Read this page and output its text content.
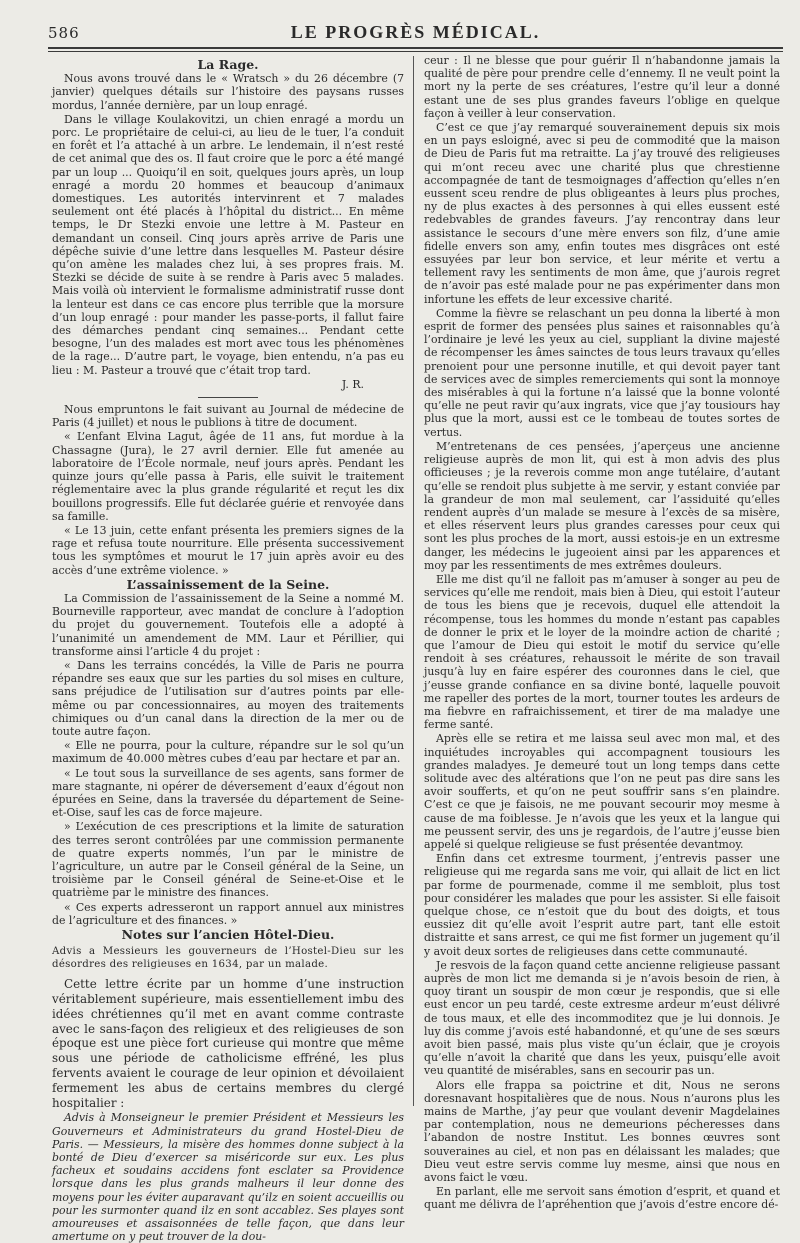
586	LE PROGRÈS MÉDICAL.

La Rage.

Nous avons trouvé dans le « Wratsch » du 26 décembre (7 janvier) quelques détails sur l’histoire des paysans russes mordus, l’année dernière, par un loup enragé.

Dans le village Koulakovitzi, un chien enragé a mordu un porc. Le propriétaire de celui-ci, au lieu de le tuer, l’a conduit en forêt et l’a attaché à un arbre. Le lendemain, il n’est resté de cet animal que des os. Il faut croire que le porc a été mangé par un loup ... Quoiqu’il en soit, quelques jours après, un loup enragé a mordu 20 hommes et beaucoup d’animaux domestiques. Les autorités intervinrent et 7 malades seulement ont été placés à l’hôpital du district... En même temps, le Dr Stezki envoie une lettre à M. Pasteur en demandant un conseil. Cinq jours après arrive de Paris une dépêche suivie d’une lettre dans lesquelles M. Pasteur désire qu’on amène les malades chez lui, à ses propres frais. M. Stezki se décide de suite à se rendre à Paris avec 5 malades. Mais voilà où intervient le formalisme administratif russe dont la lenteur est dans ce cas encore plus terrible que la morsure d’un loup enragé : pour mander les passe-ports, il fallut faire des démarches pendant cinq semaines... Pendant cette besogne, l’un des malades est mort avec tous les phénomènes de la rage... D’autre part, le voyage, bien entendu, n’a pas eu lieu : M. Pasteur a trouvé que c’était trop tard.

J. R.

Nous empruntons le fait suivant au Journal de médecine de Paris (4 juillet) et nous le publions à titre de document.

« L’enfant Elvina Lagut, âgée de 11 ans, fut mordue à la Chassagne (Jura), le 27 avril dernier. Elle fut amenée au laboratoire de l’École normale, neuf jours après. Pendant les quinze jours qu’elle passa à Paris, elle suivit le traitement réglementaire avec la plus grande régularité et reçut les dix bouillons progressifs. Elle fut déclarée guérie et renvoyée dans sa famille.

« Le 13 juin, cette enfant présenta les premiers signes de la rage et refusa toute nourriture. Elle présenta successivement tous les symptômes et mourut le 17 juin après avoir eu des accès d’une extrême violence. »

L’assainissement de la Seine.

La Commission de l’assainissement de la Seine a nommé M. Bourneville rapporteur, avec mandat de conclure à l’adoption du projet du gouvernement. Toutefois elle a adopté à l’unanimité un amendement de MM. Laur et Périllier, qui transforme ainsi l’article 4 du projet :

« Dans les terrains concédés, la Ville de Paris ne pourra répandre ses eaux que sur les parties du sol mises en culture, sans préjudice de l’utilisation sur d’autres points par elle-même ou par concessionnaires, au moyen des traitements chimiques ou d’un canal dans la direction de la mer ou de toute autre façon.

« Elle ne pourra, pour la culture, répandre sur le sol qu’un maximum de 40.000 mètres cubes d’eau par hectare et par an.

« Le tout sous la surveillance de ses agents, sans former de mare stagnante, ni opérer de déversement d’eaux d’égout non épurées en Seine, dans la traversée du département de Seine-et-Oise, sauf les cas de force majeure.

» L’exécution de ces prescriptions et la limite de saturation des terres seront contrôlées par une commission permanente de quatre experts nommés, l’un par le ministre de l’agriculture, un autre par le Conseil général de la Seine, un troisième par le Conseil général de Seine-et-Oise et le quatrième par le ministre des finances.

« Ces experts adresseront un rapport annuel aux ministres de l’agriculture et des finances. »

Notes sur l’ancien Hôtel-Dieu.

Advis a Messieurs les gouverneurs de l’Hostel-Dieu sur les désordres des religieuses en 1634, par un malade.

Cette lettre écrite par un homme d’une instruction véritablement supérieure, mais essentiellement imbu des idées chrétiennes qu’il met en avant comme contraste avec le sans-façon des religieux et des religieuses de son époque est une pièce fort curieuse qui montre que même sous une période de catholicisme effréné, les plus fervents avaient le courage de leur opinion et dévoilaient fermement les abus de certains membres du clergé hospitalier :

Advis à Monseigneur le premier Président et Messieurs les Gouverneurs et Administrateurs du grand Hostel-Dieu de Paris. — Messieurs, la misère des hommes donne subject à la bonté de Dieu d’exercer sa miséricorde sur eux. Les plus facheux et soudains accidens font esclater sa Providence lorsque dans les plus grands malheurs il leur donne des moyens pour les éviter auparavant qu’ilz en soient accueillis ou pour les surmonter quand ilz en sont accablez. Ses playes sont amoureuses et assaisonnées de telle façon, que dans leur amertume on y peut trouver de la dou-

ceur : Il ne blesse que pour guérir Il n’habandonne jamais la qualité de père pour prendre celle d’ennemy. Il ne veult point la mort ny la perte de ses créatures, l’estre qu’il leur a donné estant une de ses plus grandes faveurs l’oblige en quelque façon à veiller à leur conservation.

C’est ce que j’ay remarqué souverainement depuis six mois en un pays esloigné, avec si peu de commodité que la maison de Dieu de Paris fut ma retraitte. La j’ay trouvé des religieuses qui m’ont receu avec une charité plus que chrestienne accompagnée de tant de tesmoignages d’affection qu’elles n’en eussent sceu rendre de plus obligeantes à leurs plus proches, ny de plus exactes à des personnes à qui elles eussent esté redebvables de grandes faveurs. J’ay rencontray dans leur assistance le secours d’une mère envers son filz, d’une amie fidelle envers son amy, enfin toutes mes disgrâces ont esté essuyées par leur bon service, et leur mérite et vertu a tellement ravy les sentiments de mon âme, que j’aurois regret de n’avoir pas esté malade pour ne pas expérimenter dans mon infortune les effets de leur excessive charité.

Comme la fièvre se relaschant un peu donna la liberté à mon esprit de former des pensées plus saines et raisonnables qu’à l’ordinaire je levé les yeux au ciel, suppliant la divine majesté de récompenser les âmes sainctes de tous leurs travaux qu’elles prenoient pour une personne inutille, et qui devoit payer tant de services avec de simples remerciements qui sont la monnoye des misérables à qui la fortune n’a laissé que la bonne volonté qu’elle ne peut ravir qu’aux ingrats, vice que j’ay tousiours hay plus que la mort, aussi est ce le tombeau de toutes sortes de vertus.

M’entretenans de ces pensées, j’aperçeus une ancienne religieuse auprès de mon lit, qui est à mon advis des plus officieuses ; je la reverois comme mon ange tutélaire, d’autant qu’elle se rendoit plus subjette à me servir, y estant conviée par la grandeur de mon mal seulement, car l’assiduité qu’elles rendent auprès d’un malade se mesure à l’excès de sa misère, et elles réservent leurs plus grandes caresses pour ceux qui sont les plus proches de la mort, aussi estois-je en un extresme danger, les médecins le jugeoient ainsi par les apparences et moy par les ressentiments de mes extrêmes douleurs.

Elle me dist qu’il ne falloit pas m’amuser à songer au peu de services qu’elle me rendoit, mais bien à Dieu, qui estoit l’auteur de tous les biens que je recevois, duquel elle attendoit la récompense, tous les hommes du monde n’estant pas capables de donner le prix et le loyer de la moindre action de charité ; que l’amour de Dieu qui estoit le motif du service qu’elle rendoit à ses créatures, rehaussoit le mérite de son travail jusqu’à luy en faire espérer des couronnes dans le ciel, que j’eusse grande confiance en sa divine bonté, laquelle pouvoit me rapeller des portes de la mort, tourner toutes les ardeurs de ma fiebvre en rafraichissement, et tirer de ma maladye une ferme santé.

Après elle se retira et me laissa seul avec mon mal, et des inquiétudes incroyables qui accompagnent tousiours les grandes maladyes. Je demeuré tout un long temps dans cette solitude avec des altérations que l’on ne peut pas dire sans les avoir soufferts, et qu’on ne peut souffrir sans s’en plaindre. C’est ce que je faisois, ne me pouvant secourir moy mesme à cause de ma foiblesse. Je n’avois que les yeux et la langue qui me peussent servir, des uns je regardois, de l’autre j’eusse bien appelé si quelque religieuse se fust présentée devantmoy.

Enfin dans cet extresme tourment, j’entrevis passer une religieuse qui me regarda sans me voir, qui allait de lict en lict par forme de pourmenade, comme il me sembloit, plus tost pour considérer les malades que pour les assister. Si elle faisoit quelque chose, ce n’estoit que du bout des doigts, et tous eussiez dit qu’elle avoit l’esprit autre part, tant elle estoit distraitte et sans arrest, ce qui me fist former un jugement qu’il y avoit deux sortes de religieuses dans cette communauté.

Je resvois de la façon quand cette ancienne religieuse passant auprès de mon lict me demanda si je n’avois besoin de rien, à quoy tirant un souspir de mon cœur je respondis, que si elle eust encor un peu tardé, ceste extresme ardeur m’eust délivré de tous maux, et elle des incommoditez que je lui donnois. Je luy dis comme j’avois esté habandonné, et qu’une de ses sœurs avoit bien passé, mais plus viste qu’un éclair, que je croyois qu’elle n’avoit la charité que dans les yeux, puisqu’elle avoit veu quantité de misérables, sans en secourir pas un.

Alors elle frappa sa poictrine et dit, Nous ne serons doresnavant hospitalières que de nous. Nous n’aurons plus les mains de Marthe, j’ay peur que voulant devenir Magdelaines par contemplation, nous ne demeurions pécheresses dans l’abandon de nostre Institut. Les bonnes œuvres sont souveraines au ciel, et non pas en délaissant les malades; que Dieu veut estre servis comme luy mesme, ainsi que nous en avons faict le vœu.

En parlant, elle me servoit sans émotion d’esprit, et quand et quant me délivra de l’apréhention que j’avois d’estre encore dé-
